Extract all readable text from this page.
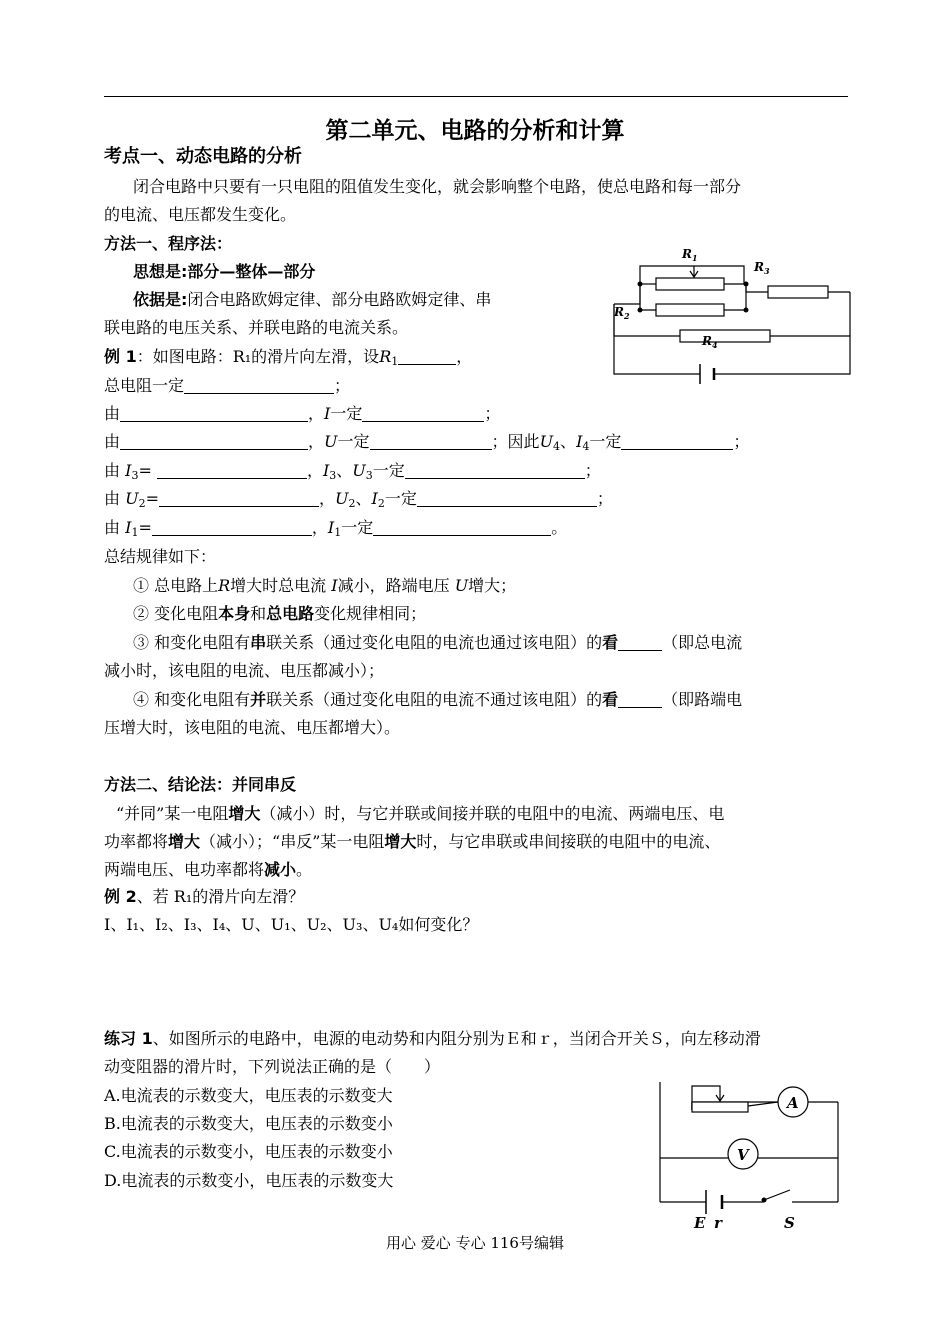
第二单元、电路的分析和计算
考点一、动态电路的分析
闭合电路中只要有一只电阻的阻值发生变化，就会影响整个电路，使总电路和每一部分
的电流、电压都发生变化。
方法一、程序法：
思想是:部分—整体—部分
依据是:闭合电路欧姆定律、部分电路欧姆定律、串
联电路的电压关系、并联电路的电流关系。
例 1：如图电路：R₁的滑片向左滑，设$R_1$	，
总电阻一定	；
由	，I一定	；
由	，U一定	；因此$U_4$、$I_4$一定	；
由 $I_3=$	，$I_3$、$U_3$一定	；
由 $U_2=$	，$U_2$、$I_2$一定	；
由 $I_1=$	，$I_1$一定	。
总结规律如下：
① 总电路上R增大时总电流 I减小，路端电压 U增大；
② 变化电阻本身和总电路变化规律相同；
③ 和变化电阻有串联关系（通过变化电阻的电流也通过该电阻）的看	（即总电流
减小时，该电阻的电流、电压都减小）；
④ 和变化电阻有并联关系（通过变化电阻的电流不通过该电阻）的看	（即路端电
压增大时，该电阻的电流、电压都增大）。
方法二、结论法：并同串反
“并同”某一电阻增大（减小）时，与它并联或间接并联的电阻中的电流、两端电压、电
功率都将增大（减小）；“串反”某一电阻增大时，与它串联或串间接联的电阻中的电流、
两端电压、电功率都将减小。
例 2、若 R₁的滑片向左滑？
I、I₁、I₂、I₃、I₄、U、U₁、U₂、U₃、U₄如何变化？
练习 1、如图所示的电路中，电源的电动势和内阻分别为Ｅ和ｒ，当闭合开关Ｓ，向左移动滑
动变阻器的滑片时，下列说法正确的是（　　）
A.电流表的示数变大，电压表的示数变大
B.电流表的示数变大，电压表的示数变小
C.电流表的示数变小，电压表的示数变小
D.电流表的示数变小，电压表的示数变大
$R_1$
$R_2$
$R_3$
$R_4$
A
V
E r	S
用心 爱心 专心 116号编辑
